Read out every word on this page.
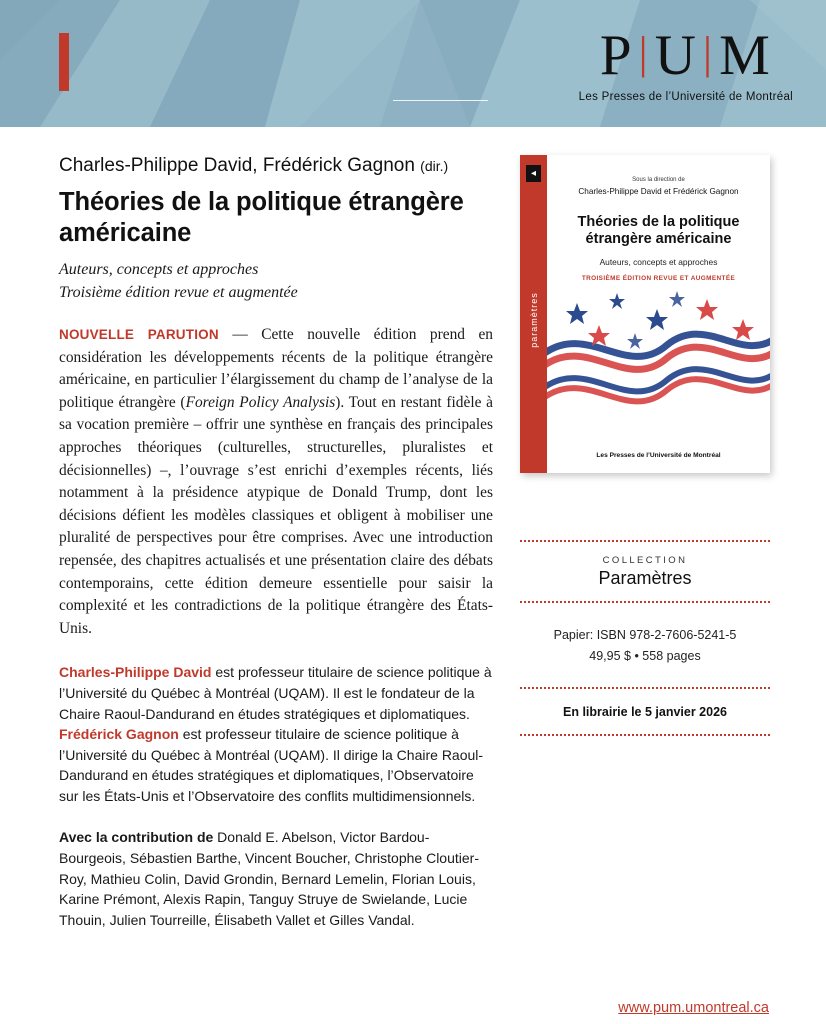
P | U | M
Les Presses de l’Université de Montréal

Charles-Philippe David, Frédérick Gagnon (dir.)

Théories de la politique étrangère américaine

Auteurs, concepts et approches

Troisième édition revue et augmentée

NOUVELLE PARUTION — Cette nouvelle édition prend en considération les développements récents de la politique étrangère américaine, en particulier l’élargissement du champ de l’analyse de la politique étrangère (Foreign Policy Analysis). Tout en restant fidèle à sa vocation première – offrir une synthèse en français des principales approches théoriques (culturelles, structurelles, pluralistes et décisionnelles) –, l’ouvrage s’est enrichi d’exemples récents, liés notamment à la présidence atypique de Donald Trump, dont les décisions défient les modèles classiques et obligent à mobiliser une pluralité de perspectives pour être comprises. Avec une introduction repensée, des chapitres actualisés et une présentation claire des débats contemporains, cette édition demeure essentielle pour saisir la complexité et les contradictions de la politique étrangère des États-Unis.

Charles-Philippe David est professeur titulaire de science politique à l’Université du Québec à Montréal (UQAM). Il est le fondateur de la Chaire Raoul-Dandurand en études stratégiques et diplomatiques.
Frédérick Gagnon est professeur titulaire de science politique à l’Université du Québec à Montréal (UQAM). Il dirige la Chaire Raoul-Dandurand en études stratégiques et diplomatiques, l’Observatoire sur les États-Unis et l’Observatoire des conflits multidimensionnels.

Avec la contribution de Donald E. Abelson, Victor Bardou-Bourgeois, Sébastien Barthe, Vincent Boucher, Christophe Cloutier-Roy, Mathieu Colin, David Grondin, Bernard Lemelin, Florian Louis, Karine Prémont, Alexis Rapin, Tanguy Struye de Swielande, Lucie Thouin, Julien Tourreille, Élisabeth Vallet et Gilles Vandal.

◂
paramètres
Sous la direction de
Charles-Philippe David et Frédérick Gagnon
Théories de la politique étrangère américaine
Auteurs, concepts et approches
TROISIÈME ÉDITION REVUE ET AUGMENTÉE
Les Presses de l’Université de Montréal
COLLECTION
Paramètres
Papier: ISBN 978-2-7606-5241-5
49,95 $ • 558 pages
En librairie le 5 janvier 2026
www.pum.umontreal.ca
